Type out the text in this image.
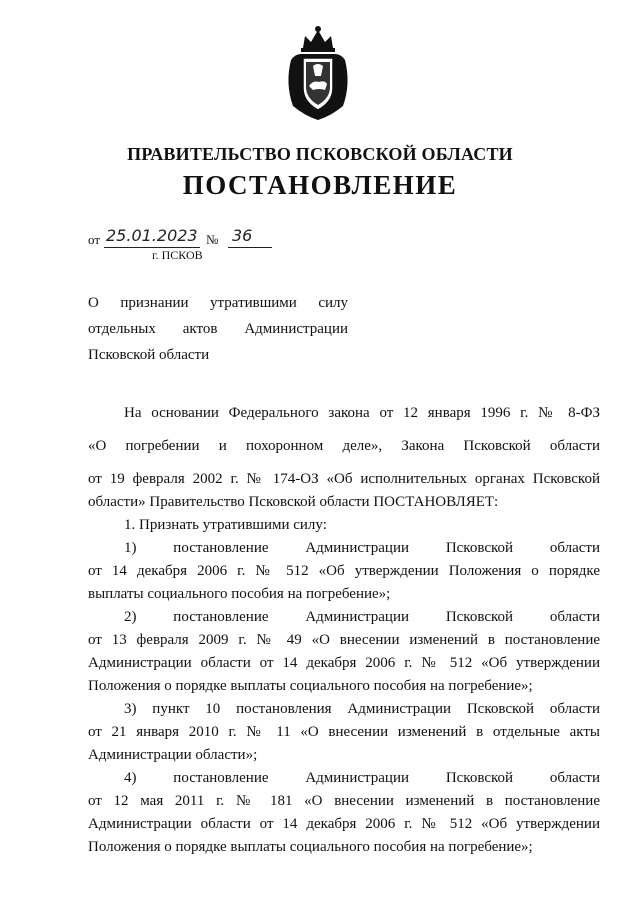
ПРАВИТЕЛЬСТВО ПСКОВСКОЙ ОБЛАСТИ
ПОСТАНОВЛЕНИЕ
от 25.01.2023 № 36
г. ПСКОВ
О признании утратившими силу
отдельных актов Администрации
Псковской области
На основании Федерального закона от 12 января 1996 г. № 8-ФЗ
«О погребении и похоронном деле», Закона Псковской области
от 19 февраля 2002 г. № 174-ОЗ «Об исполнительных органах Псковской
области» Правительство Псковской области ПОСТАНОВЛЯЕТ:
1. Признать утратившими силу:
1) постановление Администрации Псковской области
от 14 декабря 2006 г. № 512 «Об утверждении Положения о порядке
выплаты социального пособия на погребение»;
2) постановление Администрации Псковской области
от 13 февраля 2009 г. № 49 «О внесении изменений в постановление
Администрации области от 14 декабря 2006 г. № 512 «Об утверждении
Положения о порядке выплаты социального пособия на погребение»;
3) пункт 10 постановления Администрации Псковской области
от 21 января 2010 г. № 11 «О внесении изменений в отдельные акты
Администрации области»;
4) постановление Администрации Псковской области
от 12 мая 2011 г. № 181 «О внесении изменений в постановление
Администрации области от 14 декабря 2006 г. № 512 «Об утверждении
Положения о порядке выплаты социального пособия на погребение»;
